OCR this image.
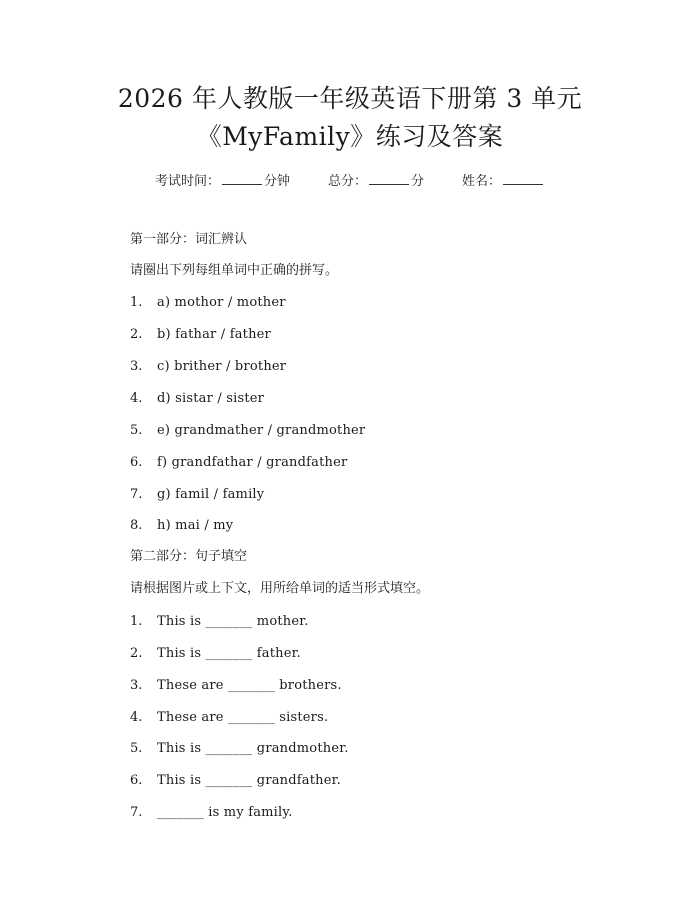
2026 年人教版一年级英语下册第 3 单元
《MyFamily》练习及答案
考试时间：	分钟	总分：	分	姓名：
第一部分：词汇辨认
请圈出下列每组单词中正确的拼写。
1. a) mothor / mother
2. b) fathar / father
3. c) brither / brother
4. d) sistar / sister
5. e) grandmather / grandmother
6. f) grandfathar / grandfather
7. g) famil / family
8. h) mai / my
第二部分：句子填空
请根据图片或上下文，用所给单词的适当形式填空。
1. This is _______ mother.
2. This is _______ father.
3. These are _______ brothers.
4. These are _______ sisters.
5. This is _______ grandmother.
6. This is _______ grandfather.
7. _______ is my family.
